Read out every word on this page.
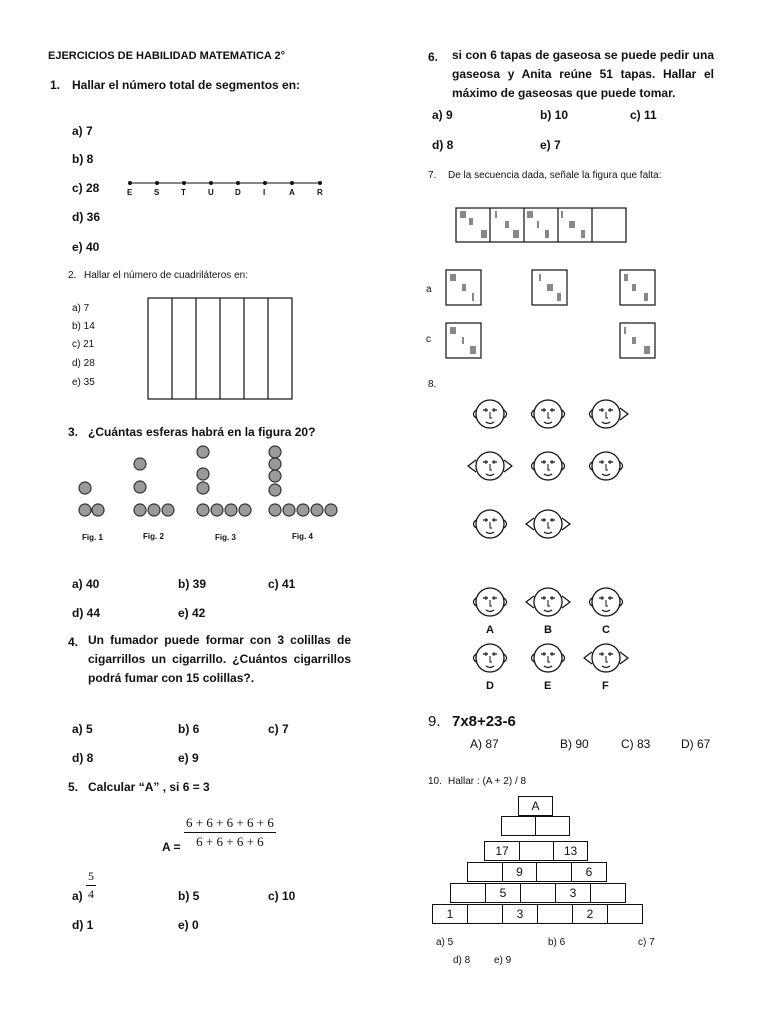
EJERCICIOS DE HABILIDAD MATEMATICA 2°
1. Hallar el número total de segmentos en:
a) 7
b) 8
c) 28
d) 36
e) 40
E	S	T	U	D	I	A	R
2. Hallar el número de cuadriláteros en:
a) 7
b) 14
c) 21
d) 28
e) 35
3. ¿Cuántas esferas habrá en la figura 20?
Fig. 1	Fig. 2	Fig. 3	Fig. 4
a) 40	b) 39	c) 41
d) 44	e) 42
4. Un fumador puede formar con 3 colillas de cigarrillos un cigarrillo. ¿Cuántos cigarrillos podrá fumar con 15 colillas?.
a) 5	b) 6	c) 7
d) 8	e) 9
5. Calcular “A” , si 6 = 3
$A = \frac{6 + 6 + 6 + 6 + 6}{6 + 6 + 6 + 6}$
$a) \frac{5}{4}$	b) 5	c) 10
d) 1	e) 0
6. si con 6 tapas de gaseosa se puede pedir una gaseosa y Anita reúne 51 tapas. Hallar el máximo de gaseosas que puede tomar.
a) 9	b) 10	c) 11
d) 8	e) 7
7. De la secuencia dada, señale la figura que falta:
a
c
8.
A	B	C
D	E	F
9. 7x8+23-6
A) 87	B) 90	C) 83	D) 67
10. Hallar : (A + 2) / 8
A
17	13
9	6
5	3
1	3	2
a) 5	b) 6	c) 7
d) 8 e) 9
